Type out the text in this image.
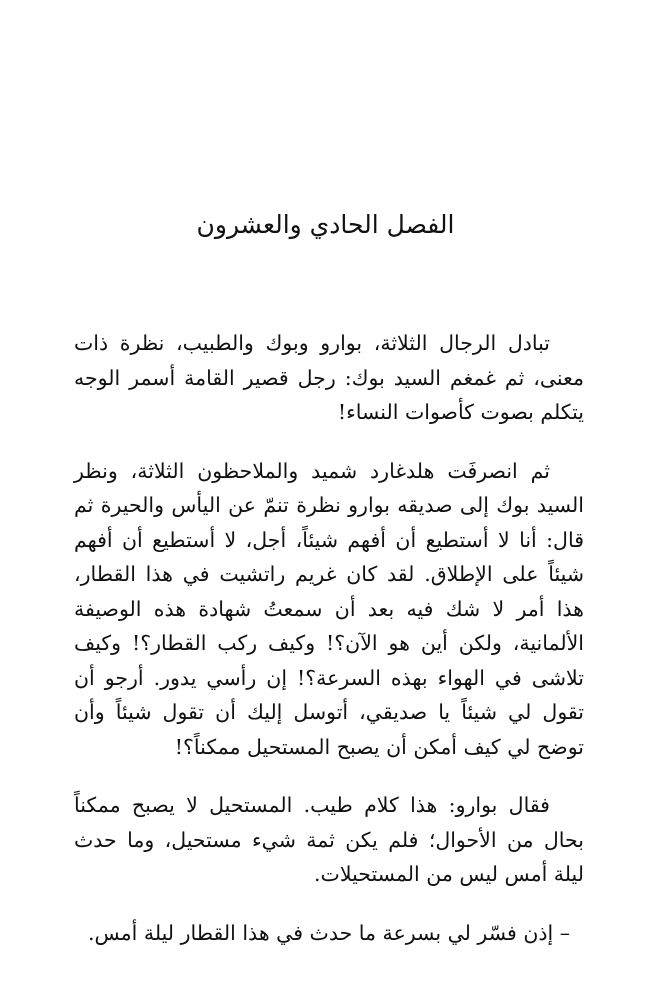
الفصل الحادي والعشرون

تبادل الرجال الثلاثة، بوارو وبوك والطبيب، نظرة ذات معنى، ثم غمغم السيد بوك: رجل قصير القامة أسمر الوجه يتكلم بصوت كأصوات النساء!

ثم انصرفَت هلدغارد شميد والملاحظون الثلاثة، ونظر السيد بوك إلى صديقه بوارو نظرة تنمّ عن اليأس والحيرة ثم قال: أنا لا أستطيع أن أفهم شيئاً، أجل، لا أستطيع أن أفهم شيئاً على الإطلاق. لقد كان غريم راتشيت في هذا القطار، هذا أمر لا شك فيه بعد أن سمعتُ شهادة هذه الوصيفة الألمانية، ولكن أين هو الآن؟! وكيف ركب القطار؟! وكيف تلاشى في الهواء بهذه السرعة؟! إن رأسي يدور. أرجو أن تقول لي شيئاً يا صديقي، أتوسل إليك أن تقول شيئاً وأن توضح لي كيف أمكن أن يصبح المستحيل ممكناً؟!

فقال بوارو: هذا كلام طيب. المستحيل لا يصبح ممكناً بحال من الأحوال؛ فلم يكن ثمة شيء مستحيل، وما حدث ليلة أمس ليس من المستحيلات.

– إذن فسّر لي بسرعة ما حدث في هذا القطار ليلة أمس.
